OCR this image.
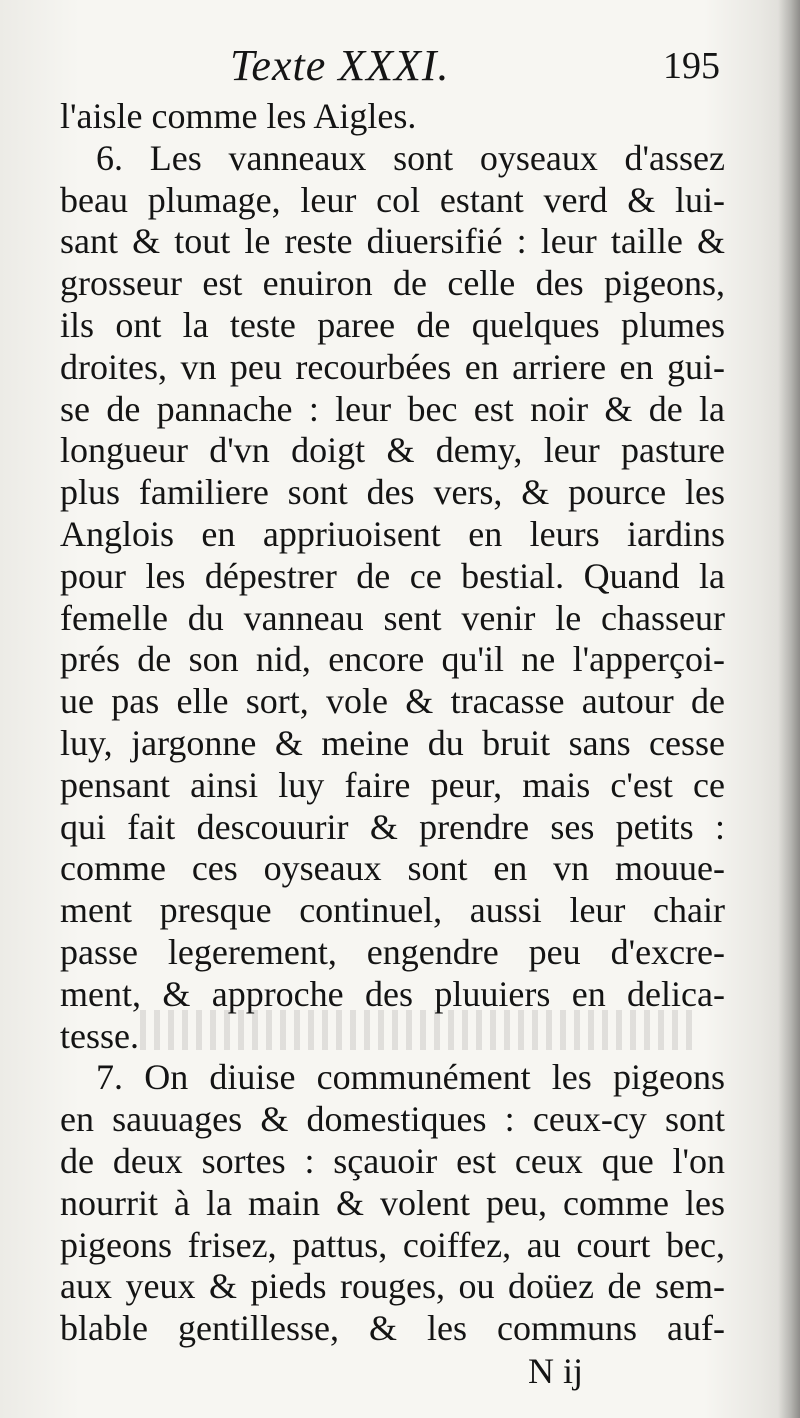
Texte XXXI.	195
l'aisle comme les Aigles.
6. Les vanneaux sont oyseaux d'assez
beau plumage, leur col estant verd & lui-
sant & tout le reste diuersifié : leur taille &
grosseur est enuiron de celle des pigeons,
ils ont la teste paree de quelques plumes
droites, vn peu recourbées en arriere en gui-
se de pannache : leur bec est noir & de la
longueur d'vn doigt & demy, leur pasture
plus familiere sont des vers, & pource les
Anglois en appriuoisent en leurs iardins
pour les dépestrer de ce bestial. Quand la
femelle du vanneau sent venir le chasseur
prés de son nid, encore qu'il ne l'apperçoi-
ue pas elle sort, vole & tracasse autour de
luy, jargonne & meine du bruit sans cesse
pensant ainsi luy faire peur, mais c'est ce
qui fait descouurir & prendre ses petits :
comme ces oyseaux sont en vn mouue-
ment presque continuel, aussi leur chair
passe legerement, engendre peu d'excre-
ment, & approche des pluuiers en delica-
tesse.
7. On diuise communément les pigeons
en sauuages & domestiques : ceux-cy sont
de deux sortes : sçauoir est ceux que l'on
nourrit à la main & volent peu, comme les
pigeons frisez, pattus, coiffez, au court bec,
aux yeux & pieds rouges, ou doüez de sem-
blable gentillesse, & les communs auf-
N ij
